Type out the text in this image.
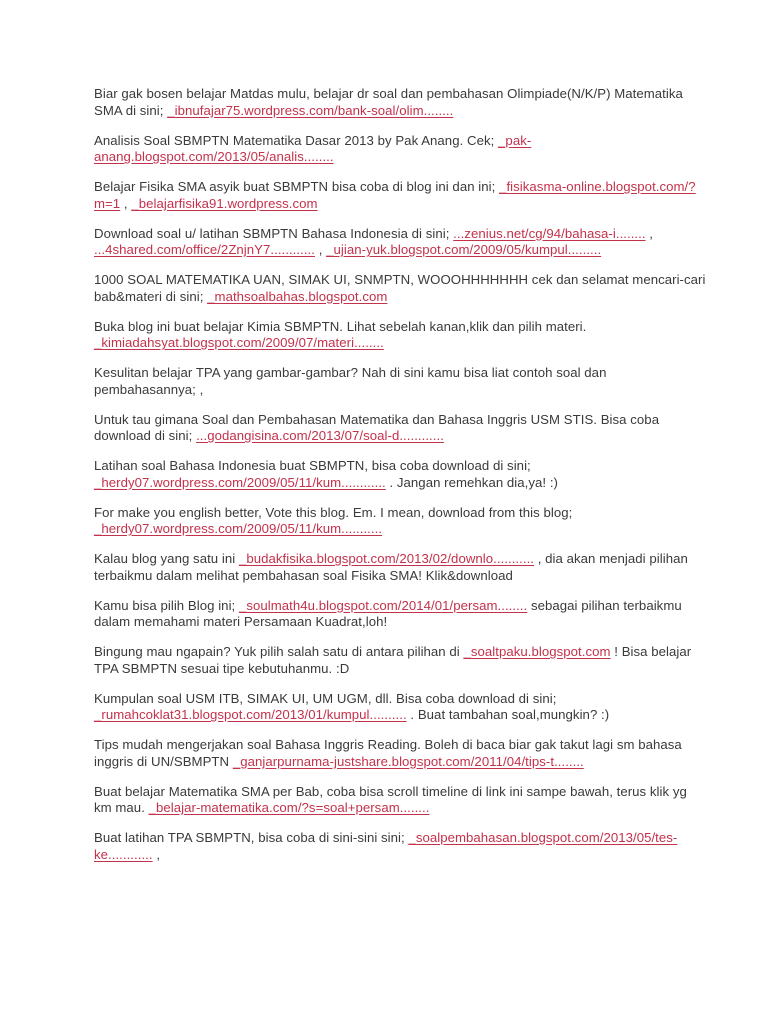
Biar gak bosen belajar Matdas mulu, belajar dr soal dan pembahasan Olimpiade(N/K/P) Matematika SMA di sini; _ibnufajar75.wordpress.com/bank-soal/olim........

Analisis Soal SBMPTN Matematika Dasar 2013 by Pak Anang. Cek; _pak-anang.blogspot.com/2013/05/analis........

Belajar Fisika SMA asyik buat SBMPTN bisa coba di blog ini dan ini; _fisikasma-online.blogspot.com/?m=1 , _belajarfisika91.wordpress.com

Download soal u/ latihan SBMPTN Bahasa Indonesia di sini; ...zenius.net/cg/94/bahasa-i........ , ...4shared.com/office/2ZnjnY7............ , _ujian-yuk.blogspot.com/2009/05/kumpul.........

1000 SOAL MATEMATIKA UAN, SIMAK UI, SNMPTN, WOOOHHHHHHH cek dan selamat mencari-cari bab&materi di sini; _mathsoalbahas.blogspot.com

Buka blog ini buat belajar Kimia SBMPTN. Lihat sebelah kanan,klik dan pilih materi. _kimiadahsyat.blogspot.com/2009/07/materi........

Kesulitan belajar TPA yang gambar-gambar? Nah di sini kamu bisa liat contoh soal dan pembahasannya; ,

Untuk tau gimana Soal dan Pembahasan Matematika dan Bahasa Inggris USM STIS. Bisa coba download di sini; ...godangisina.com/2013/07/soal-d............

Latihan soal Bahasa Indonesia buat SBMPTN, bisa coba download di sini; _herdy07.wordpress.com/2009/05/11/kum............ . Jangan remehkan dia,ya! :)

For make you english better, Vote this blog. Em. I mean, download from this blog; _herdy07.wordpress.com/2009/05/11/kum...........

Kalau blog yang satu ini _budakfisika.blogspot.com/2013/02/downlo........... , dia akan menjadi pilihan terbaikmu dalam melihat pembahasan soal Fisika SMA! Klik&download

Kamu bisa pilih Blog ini; _soulmath4u.blogspot.com/2014/01/persam........ sebagai pilihan terbaikmu dalam memahami materi Persamaan Kuadrat,loh!

Bingung mau ngapain? Yuk pilih salah satu di antara pilihan di _soaltpaku.blogspot.com ! Bisa belajar TPA SBMPTN sesuai tipe kebutuhanmu. :D

Kumpulan soal USM ITB, SIMAK UI, UM UGM, dll. Bisa coba download di sini; _rumahcoklat31.blogspot.com/2013/01/kumpul.......... . Buat tambahan soal,mungkin? :)

Tips mudah mengerjakan soal Bahasa Inggris Reading. Boleh di baca biar gak takut lagi sm bahasa inggris di UN/SBMPTN _ganjarpurnama-justshare.blogspot.com/2011/04/tips-t........

Buat belajar Matematika SMA per Bab, coba bisa scroll timeline di link ini sampe bawah, terus klik yg km mau. _belajar-matematika.com/?s=soal+persam........

Buat latihan TPA SBMPTN, bisa coba di sini-sini sini; _soalpembahasan.blogspot.com/2013/05/tes-ke............ ,
